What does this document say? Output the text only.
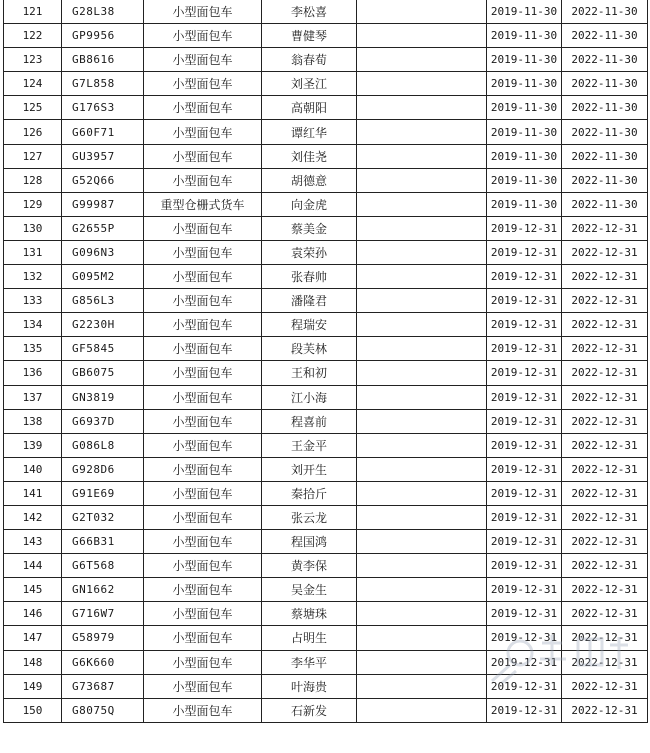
121	G28L38	小型面包车	李松喜		2019-11-30	2022-11-30
122	GP9956	小型面包车	曹健琴		2019-11-30	2022-11-30
123	GB8616	小型面包车	翁春荀		2019-11-30	2022-11-30
124	G7L858	小型面包车	刘圣江		2019-11-30	2022-11-30
125	G176S3	小型面包车	高朝阳		2019-11-30	2022-11-30
126	G60F71	小型面包车	谭红华		2019-11-30	2022-11-30
127	GU3957	小型面包车	刘佳尧		2019-11-30	2022-11-30
128	G52Q66	小型面包车	胡德意		2019-11-30	2022-11-30
129	G99987	重型仓栅式货车	向金虎		2019-11-30	2022-11-30
130	G2655P	小型面包车	蔡美金		2019-12-31	2022-12-31
131	G096N3	小型面包车	袁荣孙		2019-12-31	2022-12-31
132	G095M2	小型面包车	张春帅		2019-12-31	2022-12-31
133	G856L3	小型面包车	潘隆君		2019-12-31	2022-12-31
134	G2230H	小型面包车	程瑞安		2019-12-31	2022-12-31
135	GF5845	小型面包车	段芙林		2019-12-31	2022-12-31
136	GB6075	小型面包车	王和初		2019-12-31	2022-12-31
137	GN3819	小型面包车	江小海		2019-12-31	2022-12-31
138	G6937D	小型面包车	程喜前		2019-12-31	2022-12-31
139	G086L8	小型面包车	王金平		2019-12-31	2022-12-31
140	G928D6	小型面包车	刘开生		2019-12-31	2022-12-31
141	G91E69	小型面包车	秦拾斤		2019-12-31	2022-12-31
142	G2T032	小型面包车	张云龙		2019-12-31	2022-12-31
143	G66B31	小型面包车	程国鸿		2019-12-31	2022-12-31
144	G6T568	小型面包车	黄李保		2019-12-31	2022-12-31
145	GN1662	小型面包车	吴金生		2019-12-31	2022-12-31
146	G716W7	小型面包车	蔡塘珠		2019-12-31	2022-12-31
147	G58979	小型面包车	占明生		2019-12-31	2022-12-31
148	G6K660	小型面包车	李华平		2019-12-31	2022-12-31
149	G73687	小型面包车	叶海贵		2019-12-31	2022-12-31
150	G8075Q	小型面包车	石新发		2019-12-31	2022-12-31
